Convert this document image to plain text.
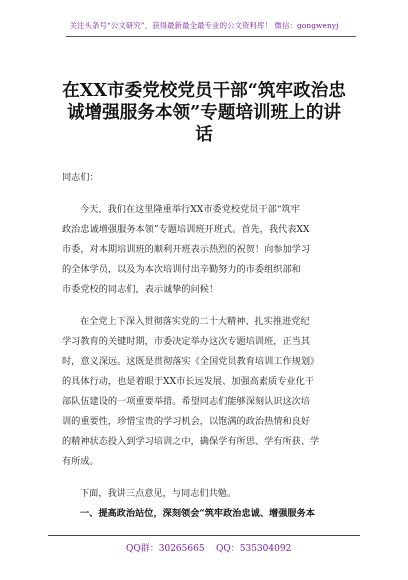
关注头条号“公文研究”，获得最新最全最专业的公文资料库！ 微信：gongwenyj
在XX市委党校党员干部“筑牢政治忠
诚增强服务本领”专题培训班上的讲
话
同志们：
今天，我们在这里隆重举行XX市委党校党员干部“筑牢
政治忠诚增强服务本领”专题培训班开班式。首先，我代表XX
市委，对本期培训班的顺利开班表示热烈的祝贺！向参加学习
的全体学员，以及为本次培训付出辛勤努力的市委组织部和
市委党校的同志们，表示诚挚的问候！
在全党上下深入贯彻落实党的二十大精神、扎实推进党纪
学习教育的关键时期，市委决定举办这次专题培训班，正当其
时，意义深远。这既是贯彻落实《全国党员教育培训工作规划》
的具体行动，也是着眼于XX市长远发展、加强高素质专业化干
部队伍建设的一项重要举措。希望同志们能够深刻认识这次培
训的重要性，珍惜宝贵的学习机会，以饱满的政治热情和良好
的精神状态投入到学习培训之中，确保学有所思、学有所获、学
有所成。
下面，我讲三点意见，与同志们共勉。
一、提高政治站位，深刻领会“筑牢政治忠诚、增强服务本
QQ群：30265665 QQ：535304092
